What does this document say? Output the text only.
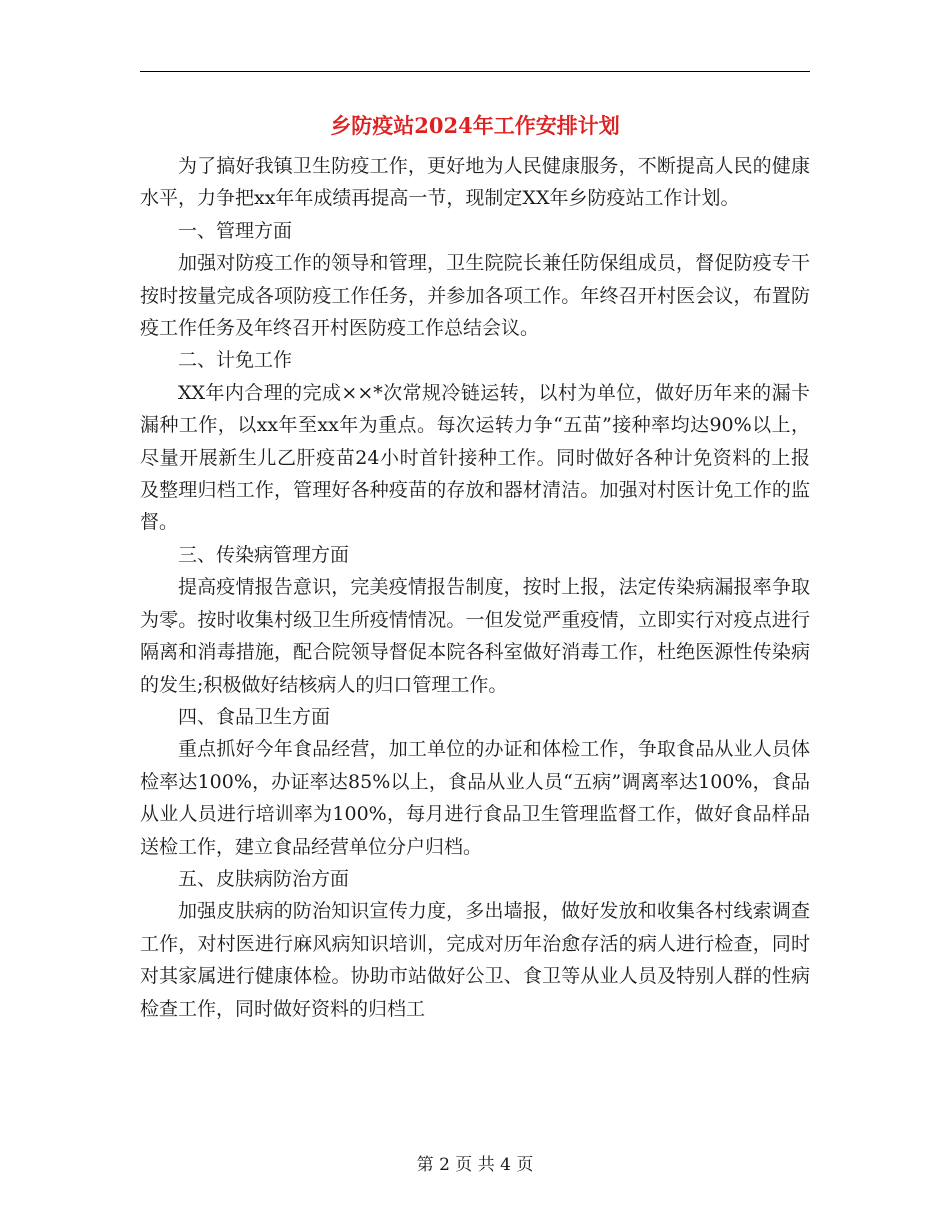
乡防疫站2024年工作安排计划

为了搞好我镇卫生防疫工作，更好地为人民健康服务，不断提高人民的健康水平，力争把xx年年成绩再提高一节，现制定XX年乡防疫站工作计划。

一、管理方面

加强对防疫工作的领导和管理，卫生院院长兼任防保组成员，督促防疫专干按时按量完成各项防疫工作任务，并参加各项工作。年终召开村医会议，布置防疫工作任务及年终召开村医防疫工作总结会议。

二、计免工作

XX年内合理的完成××*次常规冷链运转，以村为单位，做好历年来的漏卡漏种工作，以xx年至xx年为重点。每次运转力争“五苗”接种率均达90%以上，尽量开展新生儿乙肝疫苗24小时首针接种工作。同时做好各种计免资料的上报及整理归档工作，管理好各种疫苗的存放和器材清洁。加强对村医计免工作的监督。

三、传染病管理方面

提高疫情报告意识，完美疫情报告制度，按时上报，法定传染病漏报率争取为零。按时收集村级卫生所疫情情况。一但发觉严重疫情，立即实行对疫点进行隔离和消毒措施，配合院领导督促本院各科室做好消毒工作，杜绝医源性传染病的发生;积极做好结核病人的归口管理工作。

四、食品卫生方面

重点抓好今年食品经营，加工单位的办证和体检工作，争取食品从业人员体检率达100%，办证率达85%以上，食品从业人员“五病”调离率达100%，食品从业人员进行培训率为100%，每月进行食品卫生管理监督工作，做好食品样品送检工作，建立食品经营单位分户归档。

五、皮肤病防治方面

加强皮肤病的防治知识宣传力度，多出墙报，做好发放和收集各村线索调查工作，对村医进行麻风病知识培训，完成对历年治愈存活的病人进行检查，同时对其家属进行健康体检。协助市站做好公卫、食卫等从业人员及特别人群的性病检查工作，同时做好资料的归档工

第 2 页 共 4 页
